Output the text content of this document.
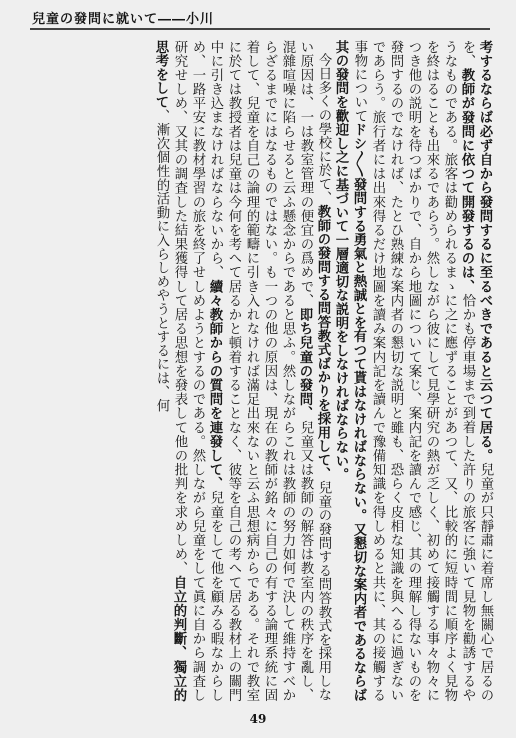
兒童の發問に就いて――小川

考するならば必ず自から發問するに至るべきであると云つて居る。兒童が只靜肅に着席し無關心で居るのを、教師が發問に依つて開發するのは、恰かも停車場まで到着した許りの旅客に強いて見物を勸誘するやうなものである。旅客は勸められるまゝに之に應ずることがあつて、又、比較的に短時間に順序よく見物を終はることも出來るであらう。然しながら彼にして見學研究の熱が乏しく、初めて接觸する事々物々につき他の説明を待つばかりで、自から地圖について案じ、案内記を讀んで感じ、其の理解し得ないものを發問するのでなければ、たとひ熟練な案内者の懇切な説明と雖も、恐らく皮相な知識を與へるに過ぎないであらう。旅行者には出來得るだけ地圖を讀み案内記を讀んで豫備知識を得しめると共に、其の接觸する事物についてドシ〳〵發問する勇氣と熱誠とを有つて貰はなければならない。又懇切な案内者であるならば其の發問を歡迎し之に基づいて一層適切な説明をしなければならない。

今日多くの學校に於て、教師の發問する問答教式ばかりを採用して、兒童の發問する問答教式を採用しない原因は、一は教室管理の便宜の爲めで、即ち兒童の發問、兒童又は教師の解答は教室内の秩序を亂し、混雜喧噪に陷らせると云ふ懸念からであると思ふ。然しながらこれは教師の努力如何で決して維持すべからざるまでにはなるものではない。も一つの他の原因は、現在の教師が銘々に自己の有する論理系統に固着して、兒童を自己の論理的範疇に引き入れなければ滿足出來ないと云ふ思想病からである。それで教室に於ては教授者は兒童は今何を考へて居るかと頓着することなく、彼等を自己の考へて居る教材上の關門中に引き込まなければならないから、續々教師からの質問を連發して、兒童をして他を顧みる暇なからしめ、一路平安に教材學習の旅を終了せしめようとするのである。然しながら兒童をして眞に自から調査し研究せしめ、又其の調査した結果獲得して居る思想を發表して他の批判を求めしめ、自立的判斷、獨立的思考をして、漸次個性的活動に入らしめやうとするには、何

49
